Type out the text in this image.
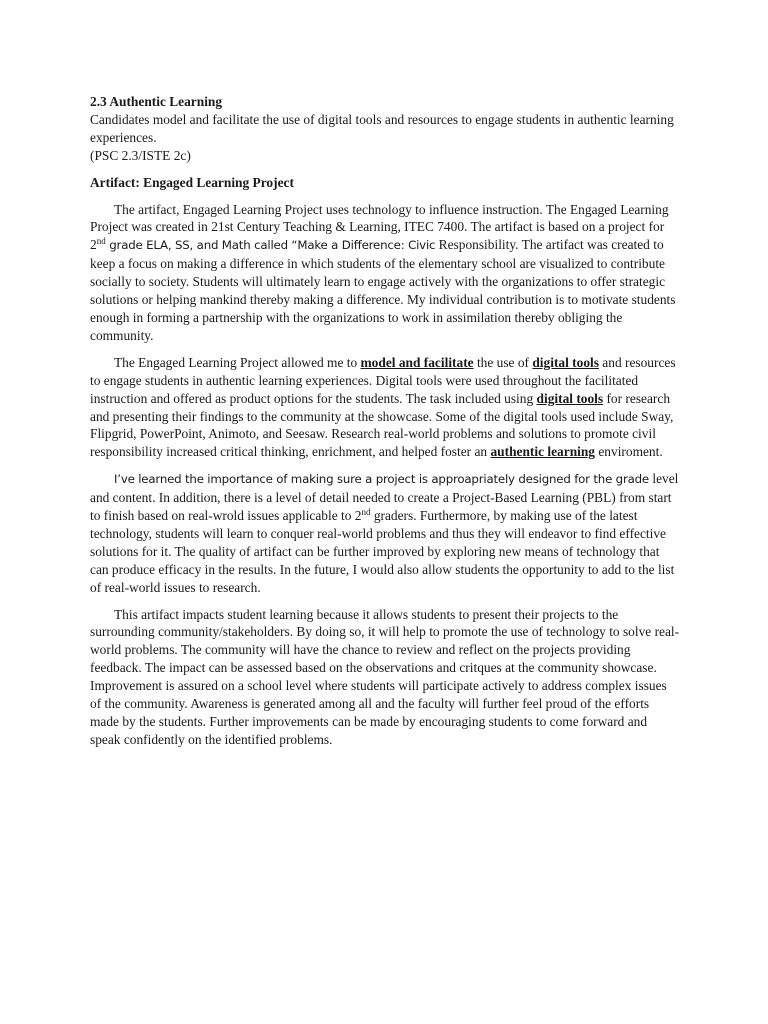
2.3 Authentic Learning
Candidates model and facilitate the use of digital tools and resources to engage students in authentic learning experiences.
(PSC 2.3/ISTE 2c)
Artifact: Engaged Learning Project

The artifact, Engaged Learning Project uses technology to influence instruction. The Engaged Learning Project was created in 21st Century Teaching & Learning, ITEC 7400. The artifact is based on a project for 2nd grade ELA, SS, and Math called “Make a Difference: Civic Responsibility. The artifact was created to keep a focus on making a difference in which students of the elementary school are visualized to contribute socially to society. Students will ultimately learn to engage actively with the organizations to offer strategic solutions or helping mankind thereby making a difference. My individual contribution is to motivate students enough in forming a partnership with the organizations to work in assimilation thereby obliging the community.

The Engaged Learning Project allowed me to model and facilitate the use of digital tools and resources to engage students in authentic learning experiences. Digital tools were used throughout the facilitated instruction and offered as product options for the students. The task included using digital tools for research and presenting their findings to the community at the showcase. Some of the digital tools used include Sway, Flipgrid, PowerPoint, Animoto, and Seesaw. Research real-world problems and solutions to promote civil responsibility increased critical thinking, enrichment, and helped foster an authentic learning enviroment.

I’ve learned the importance of making sure a project is approapriately designed for the grade level and content. In addition, there is a level of detail needed to create a Project-Based Learning (PBL) from start to finish based on real-wrold issues applicable to 2nd graders. Furthermore, by making use of the latest technology, students will learn to conquer real-world problems and thus they will endeavor to find effective solutions for it. The quality of artifact can be further improved by exploring new means of technology that can produce efficacy in the results. In the future, I would also allow students the opportunity to add to the list of real-world issues to research.

This artifact impacts student learning because it allows students to present their projects to the surrounding community/stakeholders. By doing so, it will help to promote the use of technology to solve real-world problems. The community will have the chance to review and reflect on the projects providing feedback. The impact can be assessed based on the observations and critques at the community showcase. Improvement is assured on a school level where students will participate actively to address complex issues of the community. Awareness is generated among all and the faculty will further feel proud of the efforts made by the students. Further improvements can be made by encouraging students to come forward and speak confidently on the identified problems.
